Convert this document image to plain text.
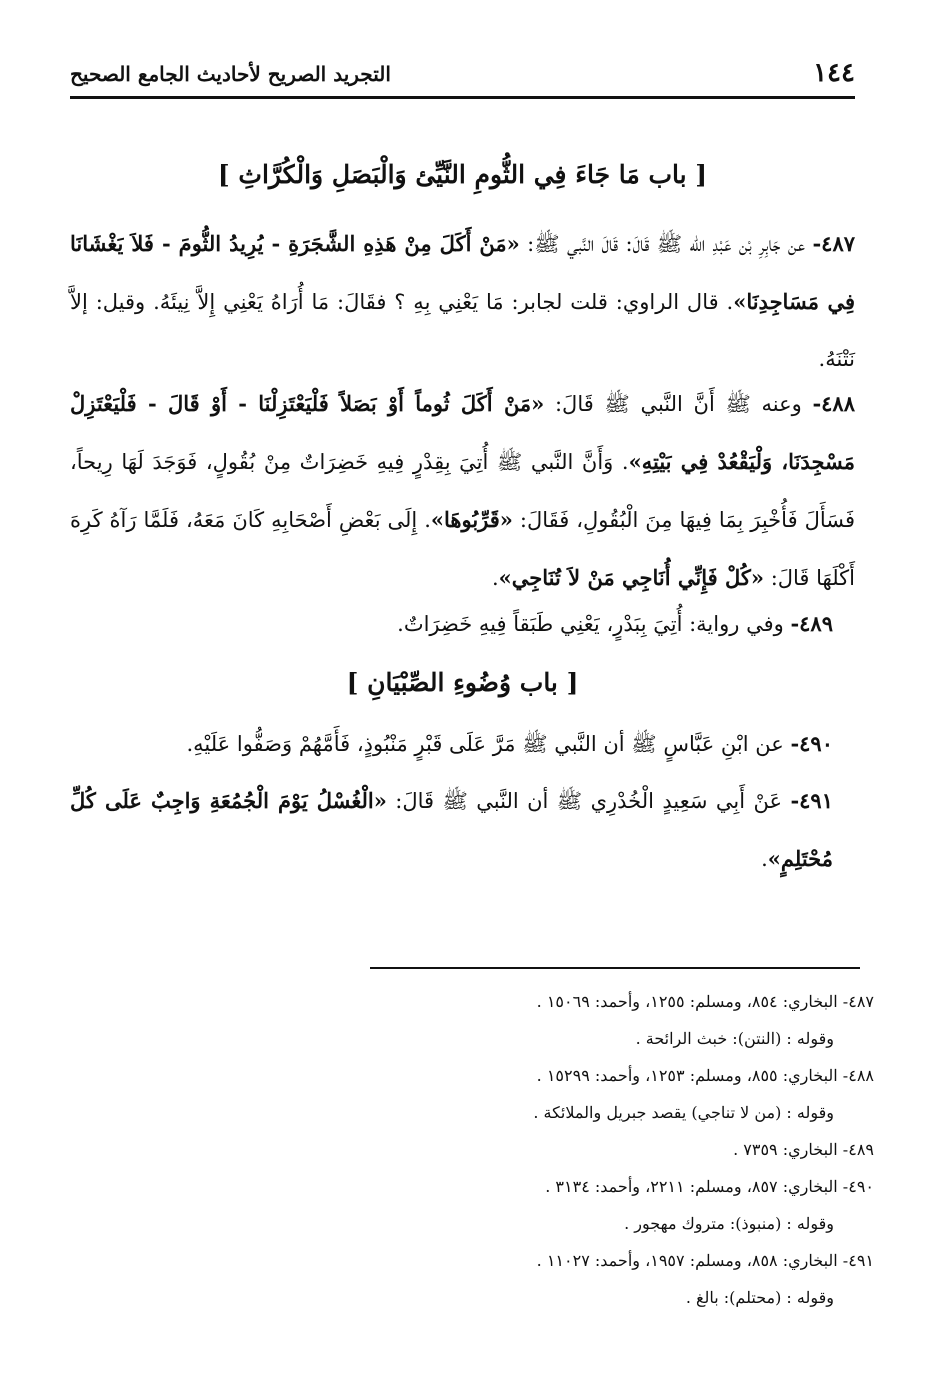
١٤٤
التجريد الصريح لأحاديث الجامع الصحيح
[ باب مَا جَاءَ فِي الثُّومِ النَّيِّئ وَالْبَصَلِ وَالْكُرَّاثِ ]

٤٨٧- عن جَابِرِ بْن عَبْدِ الله ﷺ قَالَ: قَالَ النَّبي ﷺ: «مَنْ أَكَلَ مِنْ هَذِهِ الشَّجَرَةِ - يُرِيدُ الثُّومَ - فَلاَ يَغْشَانَا فِي مَسَاجِدِنَا». قال الراوي: قلت لجابر: مَا يَعْنِي بِهِ ؟ فقَالَ: مَا أُرَاهُ يَعْنِي إِلاَّ نِيئَهُ. وقيل: إلاَّ نَتْنَهُ.

٤٨٨- وعنه ﷺ أَنَّ النَّبي ﷺ قَالَ: «مَنْ أَكَلَ ثُوماً أَوْ بَصَلاً فَلْيَعْتَزِلْنَا - أَوْ قَالَ - فَلْيَعْتَزِلْ مَسْجِدَنَا، وَلْيَقْعُدْ فِي بَيْتِهِ». وَأَنَّ النَّبي ﷺ أُتِيَ بِقِدْرٍ فِيهِ خَضِرَاتٌ مِنْ بُقُولٍ، فَوَجَدَ لَهَا رِيحاً، فَسَأَلَ فَأُخْبِرَ بِمَا فِيهَا مِنَ الْبُقُولِ، فَقَالَ: «قَرِّبُوهَا». إِلَى بَعْضِ أَصْحَابِهِ كَانَ مَعَهُ، فَلَمَّا رَآهُ كَرِهَ أَكْلَهَا قَالَ: «كُلْ فَإِنِّي أُنَاجِي مَنْ لاَ تُنَاجِي».

٤٨٩- وفي رواية: أُتِيَ بِبَدْرٍ، يَعْنِي طَبَقاً فِيهِ خَضِرَاتٌ.

[ باب وُضُوءِ الصِّبْيَانِ ]

٤٩٠- عن ابْنِ عَبَّاسٍ ﷺ أن النَّبي ﷺ مَرَّ عَلَى قَبْرٍ مَنْبُوذٍ، فَأَمَّهُمْ وَصَفُّوا عَلَيْهِ.

٤٩١- عَنْ أَبِي سَعِيدٍ الْخُدْرِي ﷺ أن النَّبي ﷺ قَالَ: «الْغُسْلُ يَوْمَ الْجُمُعَةِ وَاجِبٌ عَلَى كُلِّ مُحْتَلِمٍ».

٤٨٧- البخاري: ٨٥٤، ومسلم: ١٢٥٥، وأحمد: ١٥٠٦٩ .
وقوله : (النتن): خبث الرائحة .
٤٨٨- البخاري: ٨٥٥، ومسلم: ١٢٥٣، وأحمد: ١٥٢٩٩ .
وقوله : (من لا تناجي) يقصد جبريل والملائكة .
٤٨٩- البخاري: ٧٣٥٩ .
٤٩٠- البخاري: ٨٥٧، ومسلم: ٢٢١١، وأحمد: ٣١٣٤ .
وقوله : (منبوذ): متروك مهجور .
٤٩١- البخاري: ٨٥٨، ومسلم: ١٩٥٧، وأحمد: ١١٠٢٧ .
وقوله : (محتلم): بالغ .
